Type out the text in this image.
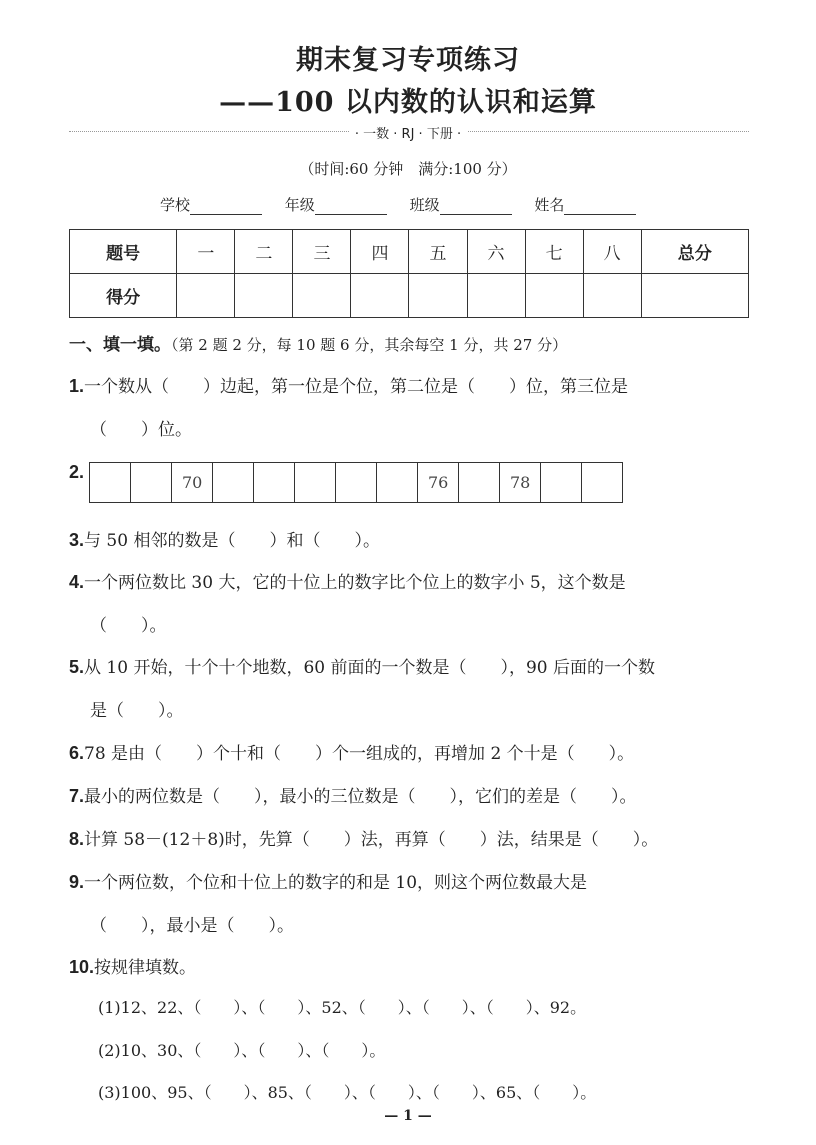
期末复习专项练习
——100 以内数的认识和运算
· 一数 · RJ · 下册 ·
（时间:60 分钟　满分:100 分）
学校	年级	班级	姓名
题号	一	二	三	四	五	六	七	八	总分
得分									
一、填一填。（第 2 题 2 分，每 10 题 6 分，其余每空 1 分，共 27 分）
1.一个数从（　　）边起，第一位是个位，第二位是（　　）位，第三位是
（　　）位。
2.
3.与 50 相邻的数是（　　）和（　　）。
4.一个两位数比 30 大，它的十位上的数字比个位上的数字小 5，这个数是
（　　）。
5.从 10 开始，十个十个地数，60 前面的一个数是（　　），90 后面的一个数
是（　　）。
6.78 是由（　　）个十和（　　）个一组成的，再增加 2 个十是（　　）。
7.最小的两位数是（　　），最小的三位数是（　　），它们的差是（　　）。
8.计算 58－(12＋8)时，先算（　　）法，再算（　　）法，结果是（　　）。
9.一个两位数，个位和十位上的数字的和是 10，则这个两位数最大是
（　　），最小是（　　）。
10.按规律填数。
		70						76		78		
(1)12、22、（　　）、（　　）、52、（　　）、（　　）、（　　）、92。
(2)10、30、（　　）、（　　）、（　　）。
(3)100、95、（　　）、85、（　　）、（　　）、（　　）、65、（　　）。
— 1 —
